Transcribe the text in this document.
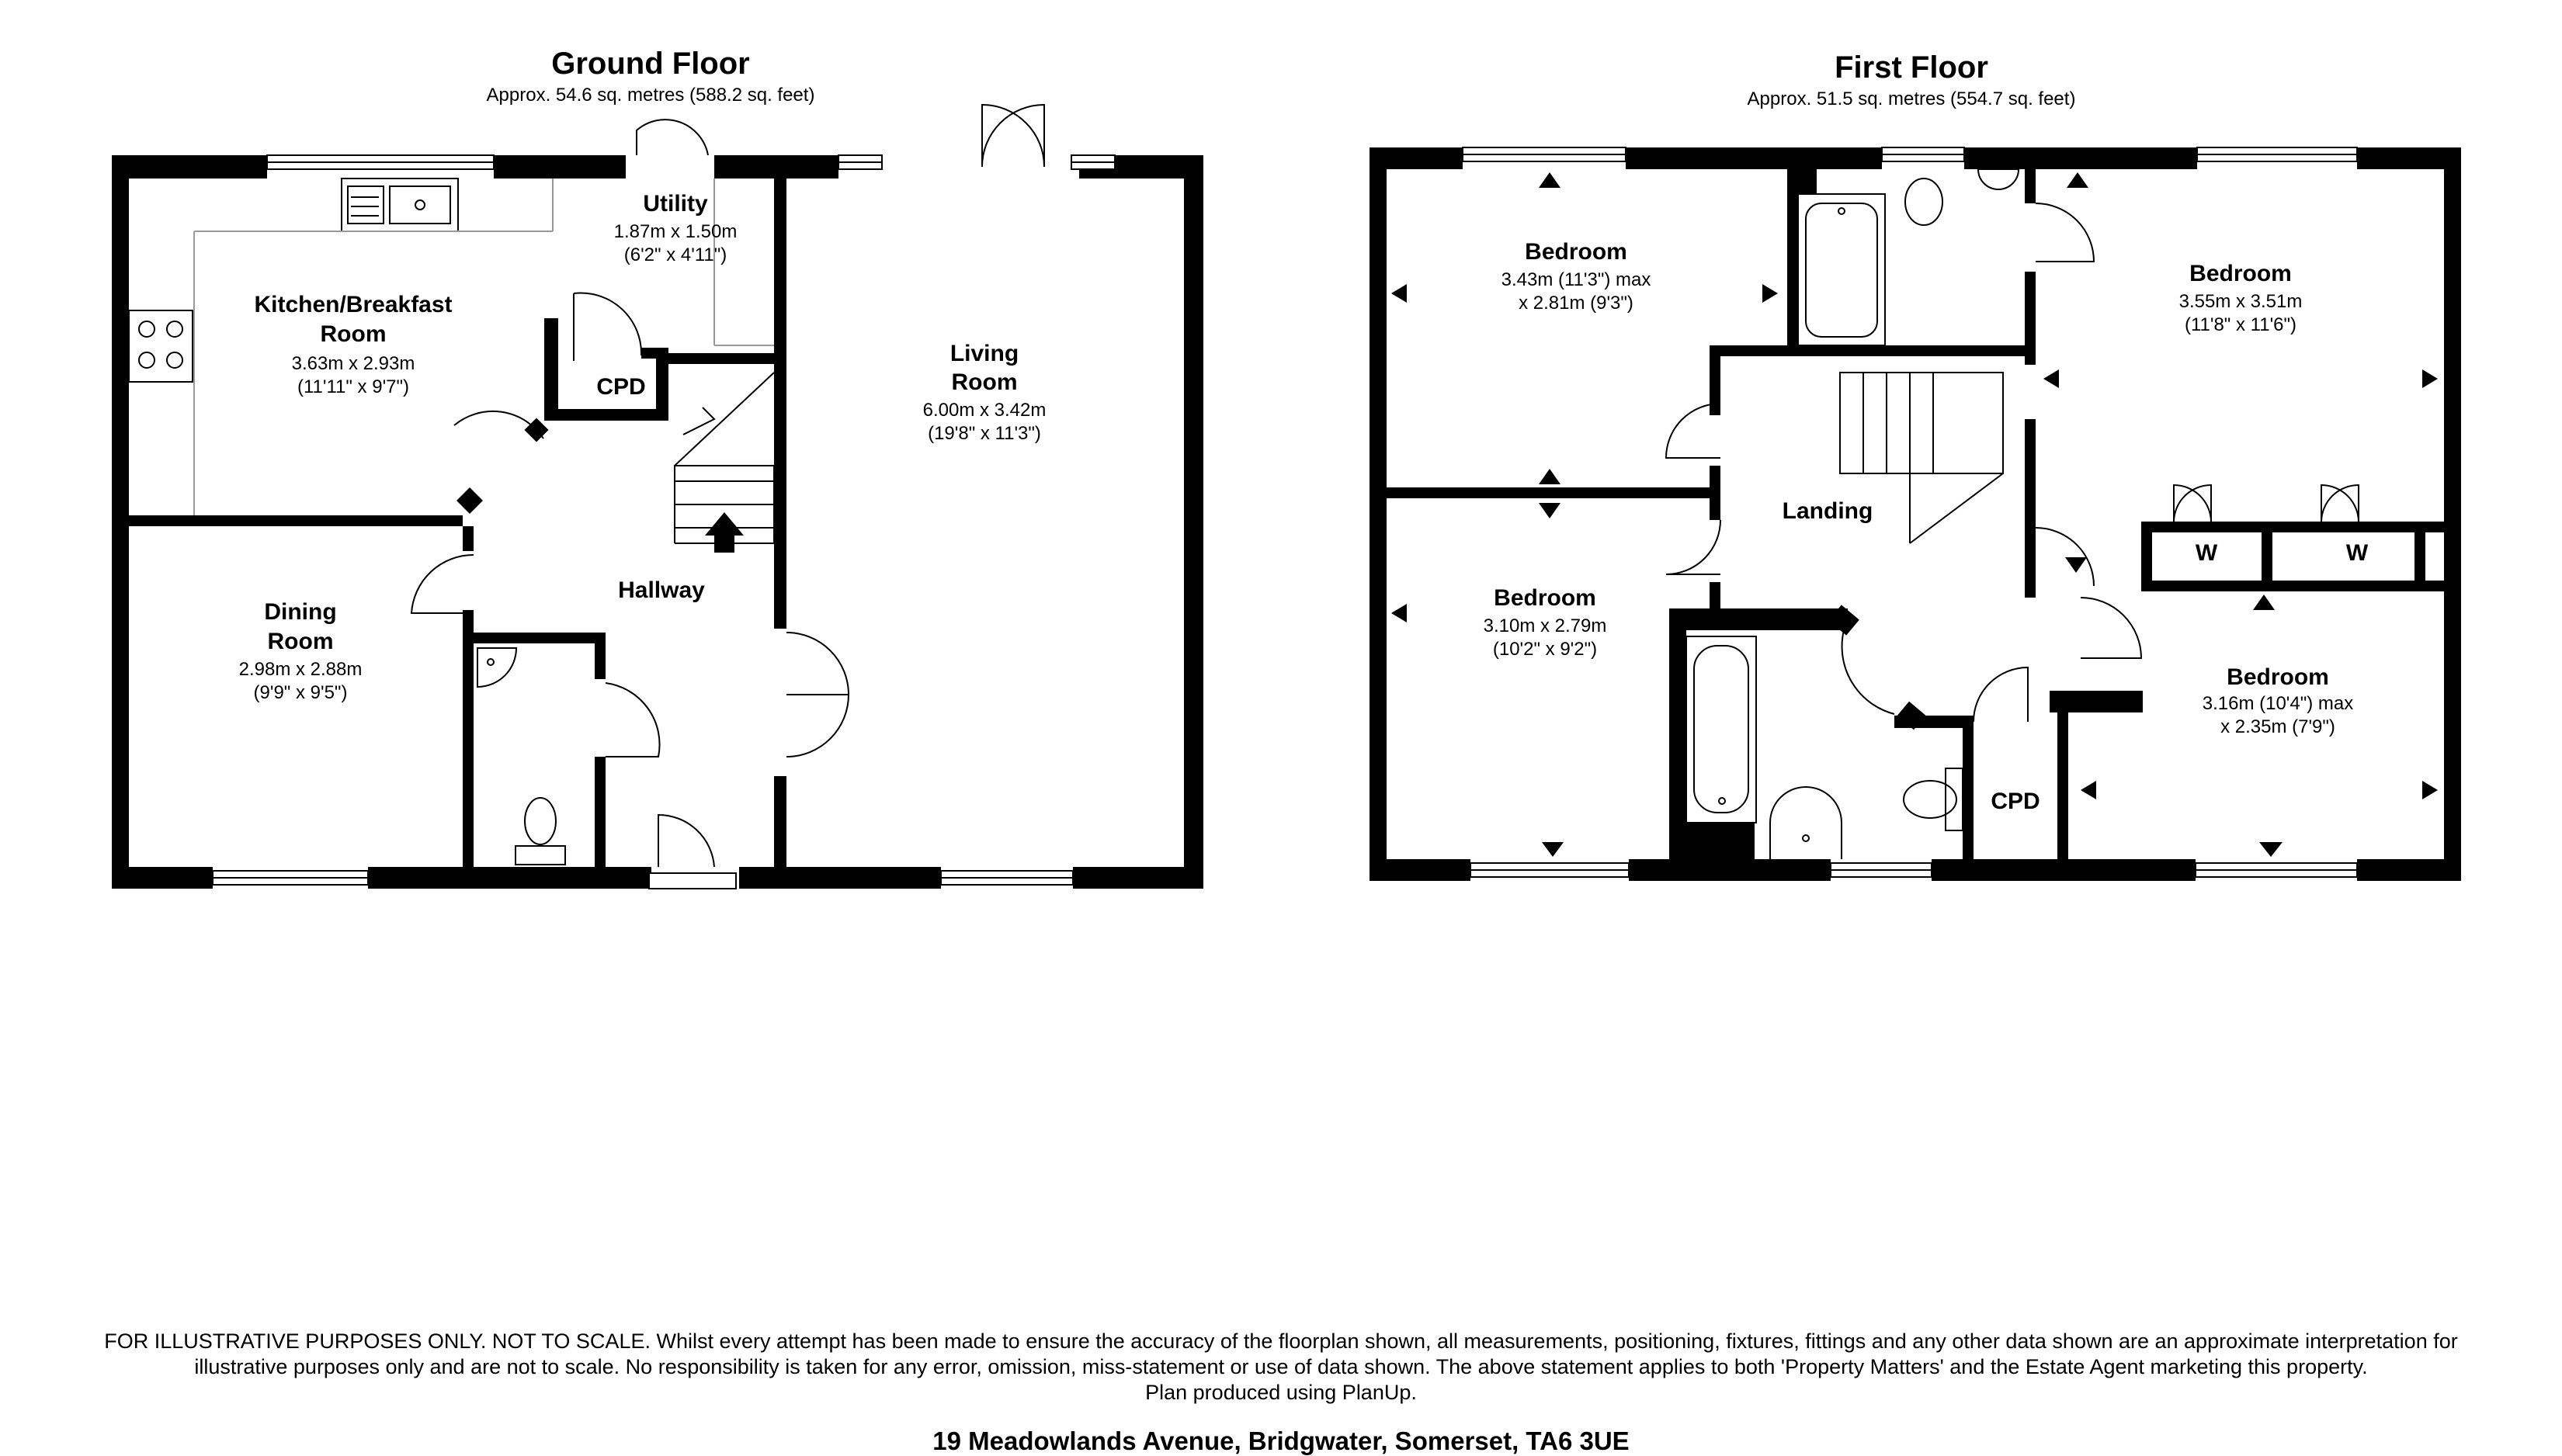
Ground Floor
Approx. 54.6 sq. metres (588.2 sq. feet)
Kitchen/Breakfast
Room
3.63m x 2.93m
(11'11" x 9'7")
Utility
1.87m x 1.50m
(6'2" x 4'11")
Living
Room
6.00m x 3.42m
(19'8" x 11'3")
CPD
Hallway
Dining
Room
2.98m x 2.88m
(9'9" x 9'5")
First Floor
Approx. 51.5 sq. metres (554.7 sq. feet)
Bedroom
3.43m (11'3") max
x 2.81m (9'3")
Bedroom
3.55m x 3.51m
(11'8" x 11'6")
Landing
Bedroom
3.10m x 2.79m
(10'2" x 9'2")
Bedroom
3.16m (10'4") max
x 2.35m (7'9")
CPD
W	W
FOR ILLUSTRATIVE PURPOSES ONLY. NOT TO SCALE. Whilst every attempt has been made to ensure the accuracy of the floorplan shown, all measurements, positioning, fixtures, fittings and any other data shown are an approximate interpretation for
illustrative purposes only and are not to scale. No responsibility is taken for any error, omission, miss-statement or use of data shown. The above statement applies to both 'Property Matters' and the Estate Agent marketing this property.
Plan produced using PlanUp.
19 Meadowlands Avenue, Bridgwater, Somerset, TA6 3UE
